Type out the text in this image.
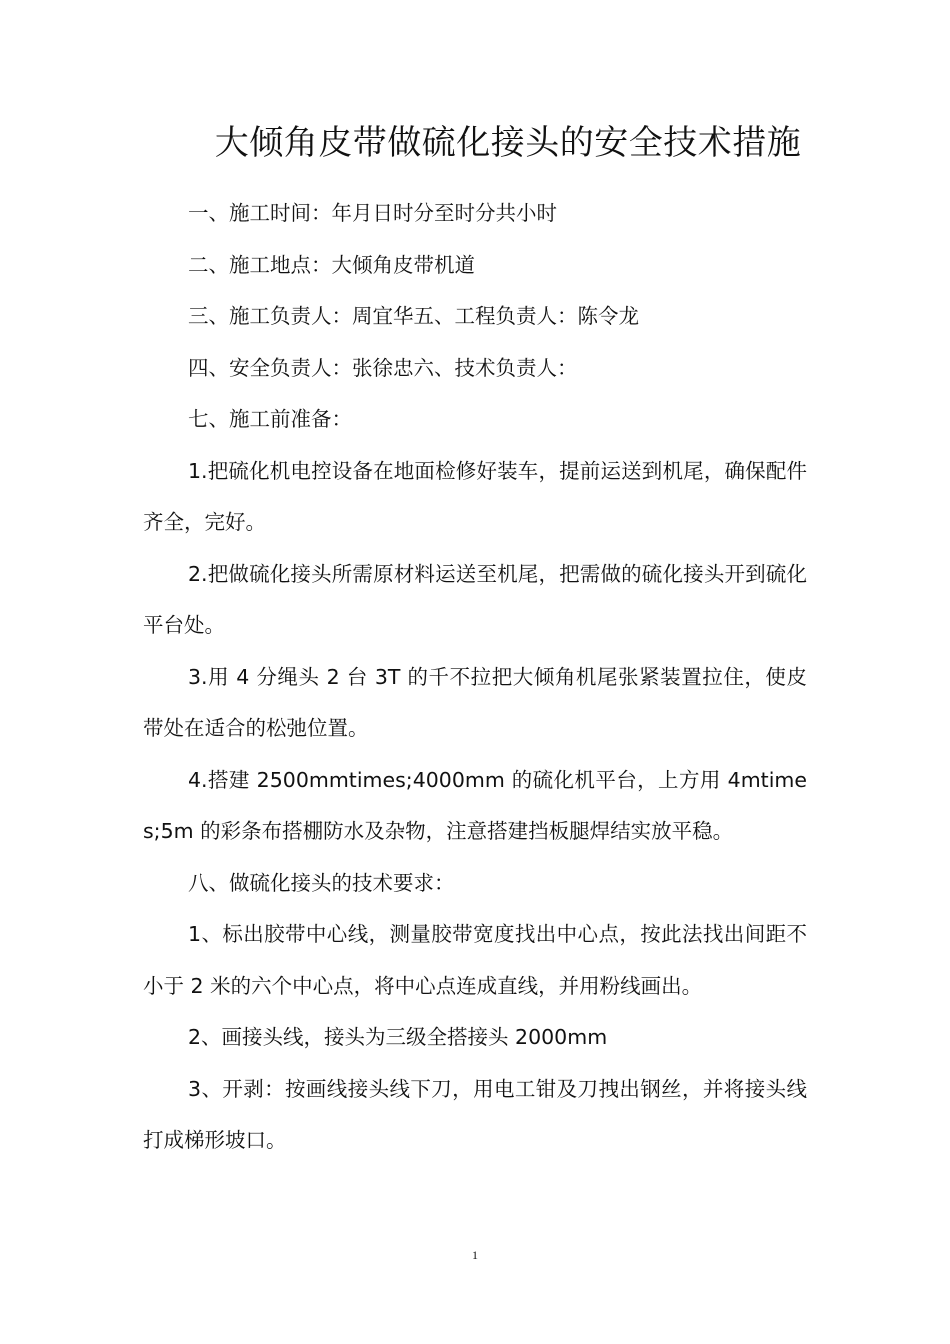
大倾角皮带做硫化接头的安全技术措施

一、施工时间：年月日时分至时分共小时

二、施工地点：大倾角皮带机道

三、施工负责人：周宜华五、工程负责人：陈令龙

四、安全负责人：张徐忠六、技术负责人：

七、施工前准备：

1.把硫化机电控设备在地面检修好装车，提前运送到机尾，确保配件齐全，完好。

2.把做硫化接头所需原材料运送至机尾，把需做的硫化接头开到硫化平台处。

3.用 4 分绳头 2 台 3T 的千不拉把大倾角机尾张紧装置拉住，使皮带处在适合的松弛位置。

4.搭建 2500mmtimes;4000mm 的硫化机平台，上方用 4mtimes;5m 的彩条布搭棚防水及杂物，注意搭建挡板腿焊结实放平稳。

八、做硫化接头的技术要求：

1、标出胶带中心线，测量胶带宽度找出中心点，按此法找出间距不小于 2 米的六个中心点，将中心点连成直线，并用粉线画出。

2、画接头线，接头为三级全搭接头 2000mm

3、开剥：按画线接头线下刀，用电工钳及刀拽出钢丝，并将接头线打成梯形坡口。

1
